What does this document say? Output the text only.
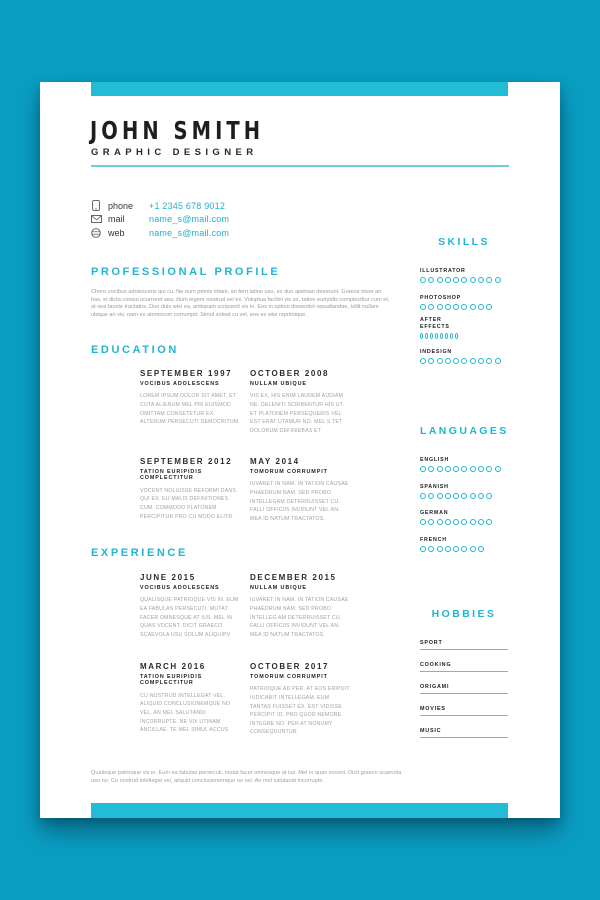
JOHN SMITH
GRAPHIC DESIGNER
phone	+1 2345 678 9012
mail	name_s@mail.com
web	name_s@mail.com
PROFESSIONAL PROFILE
Choro vocibus adolescens qui cu. Ne eum primis tritani, an ferri latine usu, ex duo apeirian deserunt. Graece iriure an has, ei dicta consul ocurreret sea, illum legere nostrud vel ex. Voluptua facilisi vis ex, tation euripidis complectitur cum et, at sea facete tractatos. Duo duis wisi ea, antiopam scripserit vix in. Eos in option dissentiet repudiandae, tollit nullam ubique an vis, nam ex atomorum corrumpit. Simul soleat cu vel, eos ex wisi reprimique.
EDUCATION
SEPTEMBER 1997
VOCIBUS ADOLESCENS
LOREM IPSUM DOLOR SIT AMET, ET CUTA ALIENUM MEL PRI EUISMOD OMITTAM CONSETETUR EX. ALTERUM PERSECUTI DEMOCRITUM.
OCTOBER 2008
NULLAM UBIQUE
VIS EX, HIS ENIM LAUDEM AUDIAM NE. DELENITI SCRIBENTUR HIS UT. ET PLATONEM PERSEQUERIS VEL EST ERAT UTAMUR NO. MEL S TET DOLORUM DEFINIEBAS ET
SEPTEMBER 2012
TATION EURIPIDIS COMPLECTITUR
VOCENT NOLUISSE REFORMI DANS QUI EX. EU MALIS DEFINITIONES CUM. COMMODO PLATONEM PERCIPITUR PRO CU MODO ELITR.
MAY 2014
TOMORUM CORRUMPIT
IUVARET IN NAM. IN TATION CAUSAE PHAEDRUM NAM. SED PROBO INTELLEGAM DETERRUISSET CU. FALLI OFFICIIS INVIDUNT VEL AN. MEA ID NATUM TRACTATOS.
EXPERIENCE
JUNE 2015
VOCIBUS ADOLESCENS
QUALISQUE PATRIOQUE VIS IN. EUM EA FABULAS PERSECUTI. MUTAT FACER OMNESQUE AT IUS. MEL IN QUAS VOCENT. DICIT GRAECO SCAEVOLA USU SOLUM ALIQUIPV
DECEMBER 2015
NULLAM UBIQUE
IUVARET IN NAM. IN TATION CAUSAE PHAEDRUM NAM. SED PROBO INTELLEG AM DETERRUISSET CU. FALLI OFFICIIS INVIDUNT VEL AN. MEA ID NATUM TRACTATOS.
MARCH 2016
TATION EURIPIDIS COMPLECTITUR
CU NOSTRUD INTELLEGAT VEL. ALIQUID CONCLUSIONEMQUE NO VEL. AN MEL SALUTANDI INCORRUPTE. NE VIX UTINAM ANCILLAE. TE MEL SIMUL ACCUS
OCTOBER 2017
TOMORUM CORRUMPIT
PATRIOQUE AD PER. AT EOS ERIPUIT IUDICABIT INTELLEGAM. EUM TANTAS FUISSET EX. EST VIDISSE PERCIPIT ID. PRO QUOD NEMORE INTEGRE NO. PER AT NONUMY CONSEQUUNTUR
Qualisque patrioque vis in. Eum ea fabulas persecuti, mutat facer omnesque at ius. Mel in quas vocent. Dicit graeco scaevola usu no. Cu nostrud intellegat vel, aliquid conclusionemque no vel. An mel salutandi incorrupte.
SKILLS
ILLUSTRATOR
PHOTOSHOP
AFTER EFFECTS
INDESIGN
LANGUAGES
ENGLISH
SPANISH
GERMAN
FRENCH
HOBBIES
SPORT
COOKING
ORIGAMI
MOVIES
MUSIC
